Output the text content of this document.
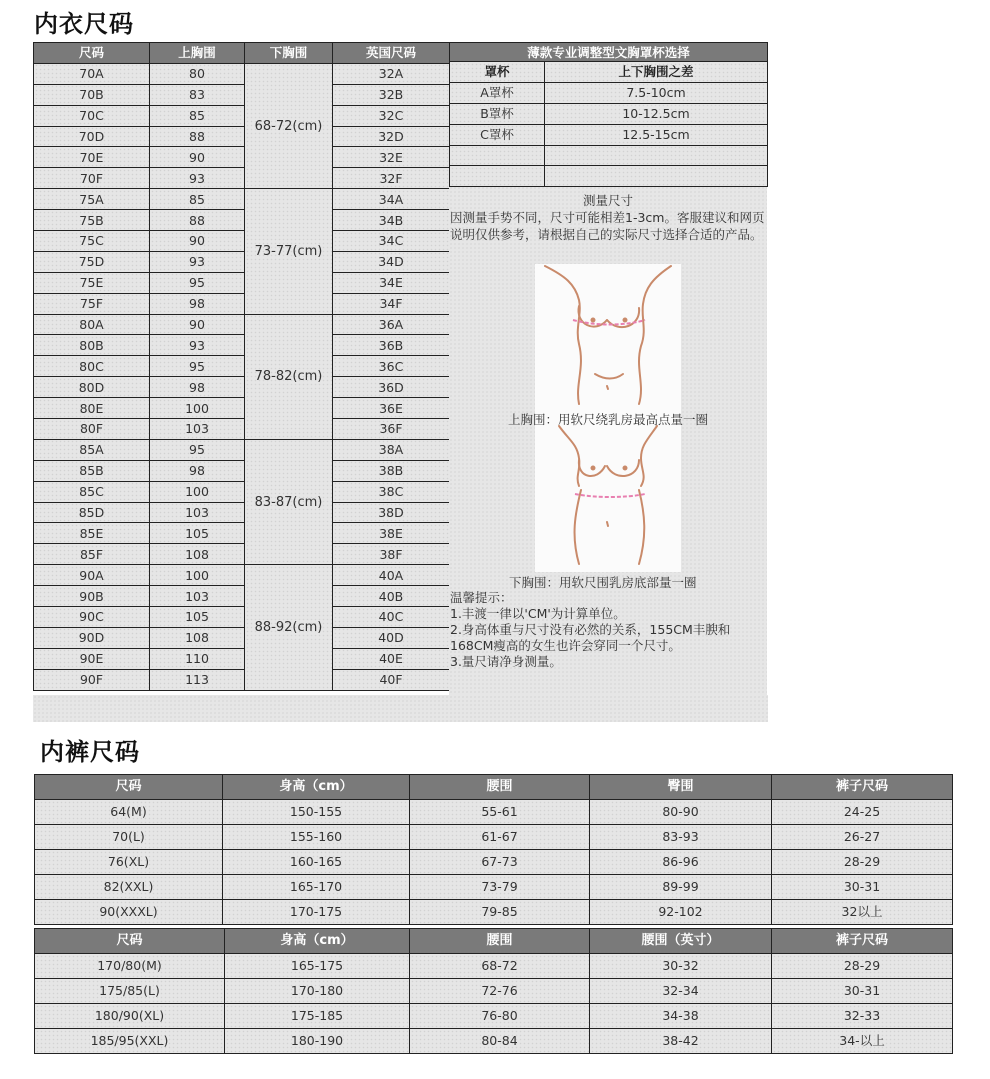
内衣尺码
尺码	上胸围	下胸围	英国尺码
70A	80	68-72(cm)	32A
70B	83		32B
70C	85		32C
70D	88		32D
70E	90		32E
70F	93		32F
75A	85	73-77(cm)	34A
75B	88		34B
75C	90		34C
75D	93		34D
75E	95		34E
75F	98		34F
80A	90	78-82(cm)	36A
80B	93		36B
80C	95		36C
80D	98		36D
80E	100		36E
80F	103		36F
85A	95	83-87(cm)	38A
85B	98		38B
85C	100		38C
85D	103		38D
85E	105		38E
85F	108		38F
90A	100	88-92(cm)	40A
90B	103		40B
90C	105		40C
90D	108		40D
90E	110		40E
90F	113		40F
薄款专业调整型文胸罩杯选择	
罩杯	上下胸围之差
A罩杯	7.5-10cm
B罩杯	10-12.5cm
C罩杯	12.5-15cm

测量尺寸
因测量手势不同，尺寸可能相差1-3cm。客服建议和网页说明仅供参考，请根据自己的实际尺寸选择合适的产品。
上胸围：用软尺绕乳房最高点量一圈
下胸围：用软尺围乳房底部量一圈
温馨提示：
1.丰渡一律以'CM'为计算单位。
2.身高体重与尺寸没有必然的关系，155CM丰腴和168CM瘦高的女生也许会穿同一个尺寸。
3.量尺请净身测量。
内裤尺码
尺码	身高（cm）	腰围	臀围	裤子尺码
64(M)	150-155	55-61	80-90	24-25
70(L)	155-160	61-67	83-93	26-27
76(XL)	160-165	67-73	86-96	28-29
82(XXL)	165-170	73-79	89-99	30-31
90(XXXL)	170-175	79-85	92-102	32以上
尺码	身高（cm）	腰围	腰围（英寸）	裤子尺码
170/80(M)	165-175	68-72	30-32	28-29
175/85(L)	170-180	72-76	32-34	30-31
180/90(XL)	175-185	76-80	34-38	32-33
185/95(XXL)	180-190	80-84	38-42	34-以上
